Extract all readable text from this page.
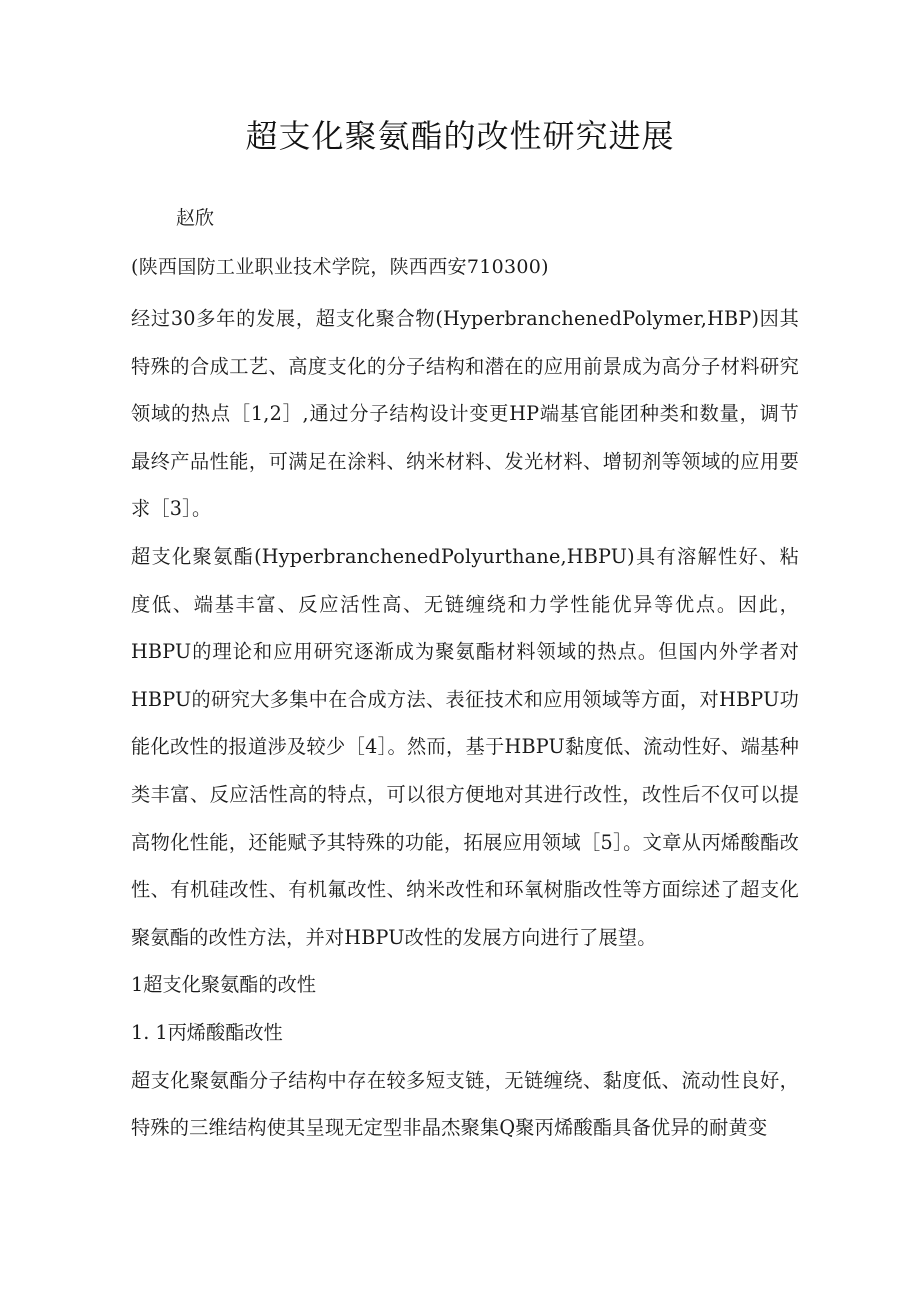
超支化聚氨酯的改性研究进展

赵欣

(陕西国防工业职业技术学院，陕西西安710300)

经过30多年的发展，超支化聚合物(HyperbranchenedPolymer,HBP)因其特殊的合成工艺、高度支化的分子结构和潜在的应用前景成为高分子材料研究领域的热点［1,2］,通过分子结构设计变更HP端基官能团种类和数量，调节最终产品性能，可满足在涂料、纳米材料、发光材料、增韧剂等领域的应用要求［3］。

超支化聚氨酯(HyperbranchenedPolyurthane,HBPU)具有溶解性好、粘度低、端基丰富、反应活性高、无链缠绕和力学性能优异等优点。因此，HBPU的理论和应用研究逐渐成为聚氨酯材料领域的热点。但国内外学者对HBPU的研究大多集中在合成方法、表征技术和应用领域等方面，对HBPU功能化改性的报道涉及较少［4］。然而，基于HBPU黏度低、流动性好、端基种类丰富、反应活性高的特点，可以很方便地对其进行改性，改性后不仅可以提高物化性能，还能赋予其特殊的功能，拓展应用领域［5］。文章从丙烯酸酯改性、有机硅改性、有机氟改性、纳米改性和环氧树脂改性等方面综述了超支化聚氨酯的改性方法，并对HBPU改性的发展方向进行了展望。

1超支化聚氨酯的改性

1. 1丙烯酸酯改性

超支化聚氨酯分子结构中存在较多短支链，无链缠绕、黏度低、流动性良好，特殊的三维结构使其呈现无定型非晶杰聚集Q聚丙烯酸酯具备优异的耐黄变
